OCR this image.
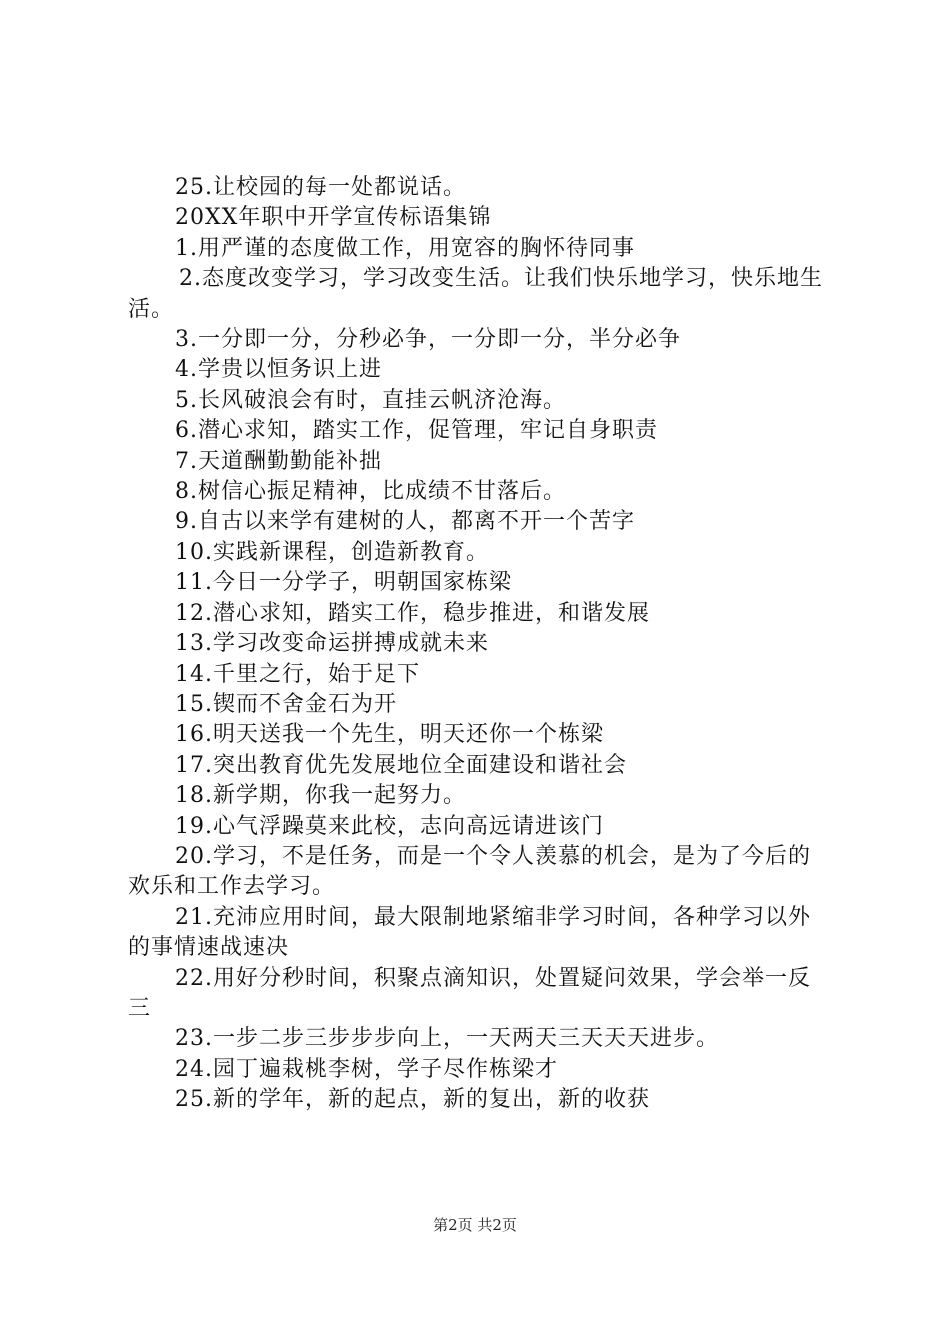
25.让校园的每一处都说话。

20XX年职中开学宣传标语集锦

1.用严谨的态度做工作，用宽容的胸怀待同事

2.态度改变学习，学习改变生活。让我们快乐地学习，快乐地生活。

3.一分即一分，分秒必争，一分即一分，半分必争

4.学贵以恒务识上进

5.长风破浪会有时，直挂云帆济沧海。

6.潜心求知，踏实工作，促管理，牢记自身职责

7.天道酬勤勤能补拙

8.树信心振足精神，比成绩不甘落后。

9.自古以来学有建树的人，都离不开一个苦字

10.实践新课程，创造新教育。

11.今日一分学子，明朝国家栋梁

12.潜心求知，踏实工作，稳步推进，和谐发展

13.学习改变命运拼搏成就未来

14.千里之行，始于足下

15.锲而不舍金石为开

16.明天送我一个先生，明天还你一个栋梁

17.突出教育优先发展地位全面建设和谐社会

18.新学期，你我一起努力。

19.心气浮躁莫来此校，志向高远请进该门

20.学习，不是任务，而是一个令人羡慕的机会，是为了今后的欢乐和工作去学习。

21.充沛应用时间，最大限制地紧缩非学习时间，各种学习以外的事情速战速决

22.用好分秒时间，积聚点滴知识，处置疑问效果，学会举一反三

23.一步二步三步步步向上，一天两天三天天天进步。

24.园丁遍栽桃李树，学子尽作栋梁才

25.新的学年，新的起点，新的复出，新的收获

第2页 共2页
